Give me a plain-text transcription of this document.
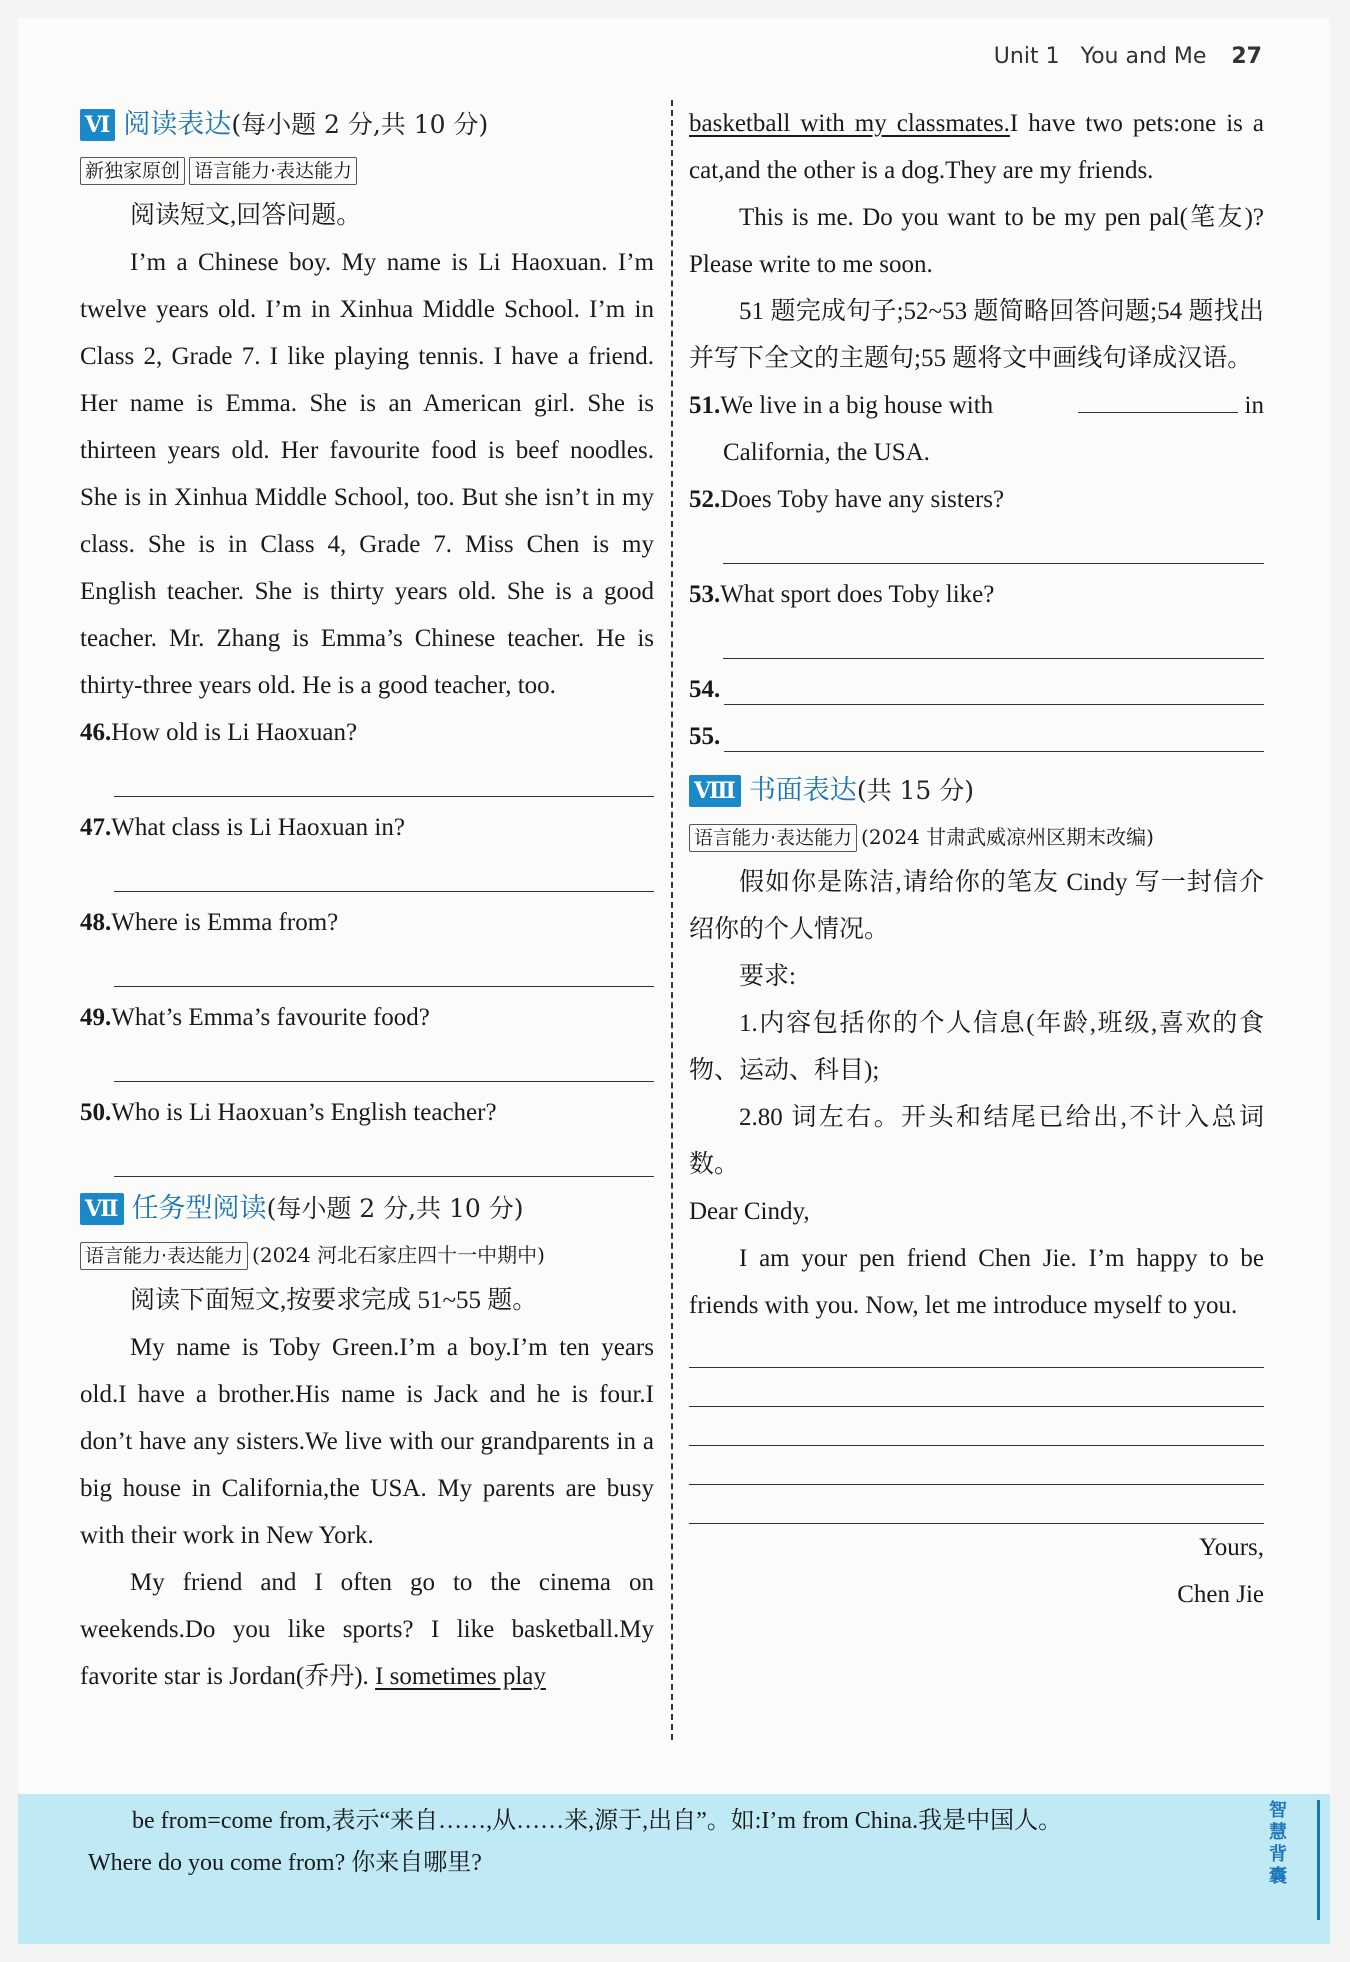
Unit 1 You and Me 27
Ⅵ 阅读表达 (每小题 2 分,共 10 分)
新独家原创 语言能力·表达能力

阅读短文,回答问题。

I’m a Chinese boy. My name is Li Haoxuan. I’m twelve years old. I’m in Xinhua Middle School. I’m in Class 2, Grade 7. I like playing tennis. I have a friend. Her name is Emma. She is an American girl. She is thirteen years old. Her favourite food is beef noodles. She is in Xinhua Middle School, too. But she isn’t in my class. She is in Class 4, Grade 7. Miss Chen is my English teacher. She is thirty years old. She is a good teacher. Mr. Zhang is Emma’s Chinese teacher. He is thirty-three years old. He is a good teacher, too.

46. How old is Li Haoxuan?
47. What class is Li Haoxuan in?
48. Where is Emma from?
49. What’s Emma’s favourite food?
50. Who is Li Haoxuan’s English teacher?
Ⅶ 任务型阅读 (每小题 2 分,共 10 分)
语言能力·表达能力 (2024 河北石家庄四十一中期中)

阅读下面短文,按要求完成 51~55 题。

My name is Toby Green.I’m a boy.I’m ten years old.I have a brother.His name is Jack and he is four.I don’t have any sisters.We live with our grandparents in a big house in California,the USA. My parents are busy with their work in New York.

My friend and I often go to the cinema on weekends.Do you like sports? I like basketball.My favorite star is Jordan(乔丹). I sometimes play

basketball with my classmates.I have two pets:one is a cat,and the other is a dog.They are my friends.

This is me. Do you want to be my pen pal(笔友)? Please write to me soon.

51 题完成句子;52~53 题简略回答问题;54 题找出并写下全文的主题句;55 题将文中画线句译成汉语。

51.We live in a big house with	in
California, the USA.
52. Does Toby have any sisters?
53. What sport does Toby like?
54.
55.
Ⅷ 书面表达 (共 15 分)
语言能力·表达能力 (2024 甘肃武威凉州区期末改编)

假如你是陈洁,请给你的笔友 Cindy 写一封信介绍你的个人情况。

要求:

1.内容包括你的个人信息(年龄,班级,喜欢的食物、运动、科目);

2.80 词左右。开头和结尾已给出,不计入总词数。

Dear Cindy,

I am your pen friend Chen Jie. I’m happy to be friends with you. Now, let me introduce myself to you.

Yours,

Chen Jie

be from=come from,表示“来自……,从……来,源于,出自”。如:I’m from China.我是中国人。
Where do you come from? 你来自哪里?
智慧背囊
